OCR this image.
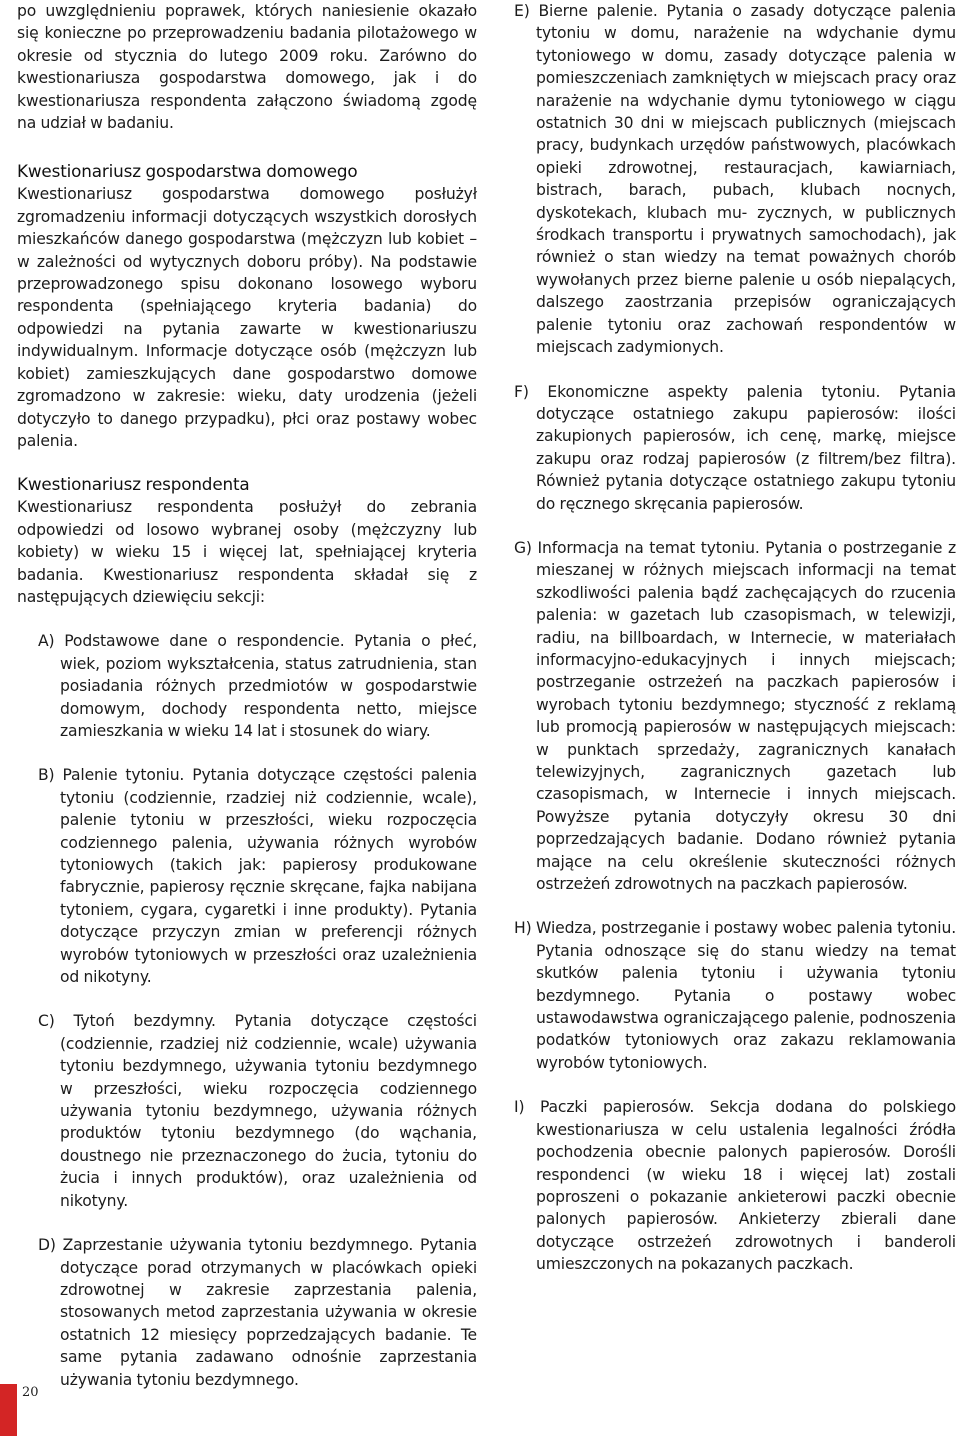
po uwzględnieniu poprawek, których naniesienie okazało się konieczne po przeprowadzeniu badania pilotażowego w okresie od stycznia do lutego 2009 roku. Zarówno do kwestionariusza gospodarstwa domowego, jak i do kwestionariusza respondenta załączono świadomą zgodę na udział w badaniu.

Kwestionariusz gospodarstwa domowego

Kwestionariusz gospodarstwa domowego posłużył zgromadzeniu informacji dotyczących wszystkich dorosłych mieszkańców danego gospodarstwa (mężczyzn lub kobiet – w zależności od wytycznych doboru próby). Na podstawie przeprowadzonego spisu dokonano losowego wyboru respondenta (spełniającego kryteria badania) do odpowiedzi na pytania zawarte w kwestionariuszu indywidualnym. Informacje dotyczące osób (mężczyzn lub kobiet) zamieszkujących dane gospodarstwo domowe zgromadzono w zakresie: wieku, daty urodzenia (jeżeli dotyczyło to danego przypadku), płci oraz postawy wobec palenia.

Kwestionariusz respondenta

Kwestionariusz respondenta posłużył do zebrania odpowiedzi od losowo wybranej osoby (mężczyzny lub kobiety) w wieku 15 i więcej lat, spełniającej kryteria badania. Kwestionariusz respondenta składał się z następujących dziewięciu sekcji:

A) Podstawowe dane o respondencie. Pytania o płeć, wiek, poziom wykształcenia, status zatrudnienia, stan posiadania różnych przedmiotów w gospodarstwie domowym, dochody respondenta netto, miejsce zamieszkania w wieku 14 lat i stosunek do wiary.

B) Palenie tytoniu. Pytania dotyczące częstości palenia tytoniu (codziennie, rzadziej niż codziennie, wcale), palenie tytoniu w przeszłości, wieku rozpoczęcia codziennego palenia, używania różnych wyrobów tytoniowych (takich jak: papierosy produkowane fabrycznie, papierosy ręcznie skręcane, fajka nabijana tytoniem, cygara, cygaretki i inne produkty). Pytania dotyczące przyczyn zmian w preferencji różnych wyrobów tytoniowych w przeszłości oraz uzależnienia od nikotyny.

C) Tytoń bezdymny. Pytania dotyczące częstości (codziennie, rzadziej niż codziennie, wcale) używania tytoniu bezdymnego, używania tytoniu bezdymnego w przeszłości, wieku rozpoczęcia codziennego używania tytoniu bezdymnego, używania różnych produktów tytoniu bezdymnego (do wąchania, doustnego nie przeznaczonego do żucia, tytoniu do żucia i innych produktów), oraz uzależnienia od nikotyny.

D) Zaprzestanie używania tytoniu bezdymnego. Pytania dotyczące porad otrzymanych w placówkach opieki zdrowotnej w zakresie zaprzestania palenia, stosowanych metod zaprzestania używania w okresie ostatnich 12 miesięcy poprzedzających badanie. Te same pytania zadawano odnośnie zaprzestania używania tytoniu bezdymnego.

E) Bierne palenie. Pytania o zasady dotyczące palenia tytoniu w domu, narażenie na wdychanie dymu tytoniowego w domu, zasady dotyczące palenia w pomieszczeniach zamkniętych w miejscach pracy oraz narażenie na wdychanie dymu tytoniowego w ciągu ostatnich 30 dni w miejscach publicznych (miejscach pracy, budynkach urzędów państwowych, placówkach opieki zdrowotnej, restauracjach, kawiarniach, bistrach, barach, pubach, klubach nocnych, dyskotekach, klubach mu- zycznych, w publicznych środkach transportu i prywatnych samochodach), jak również o stan wiedzy na temat poważnych chorób wywołanych przez bierne palenie u osób niepalących, dalszego zaostrzania przepisów ograniczających palenie tytoniu oraz zachowań respondentów w miejscach zadymionych.

F) Ekonomiczne aspekty palenia tytoniu. Pytania dotyczące ostatniego zakupu papierosów: ilości zakupionych papierosów, ich cenę, markę, miejsce zakupu oraz rodzaj papierosów (z filtrem/bez filtra). Również pytania dotyczące ostatniego zakupu tytoniu do ręcznego skręcania papierosów.

G) Informacja na temat tytoniu. Pytania o postrzeganie z mieszanej w różnych miejscach informacji na temat szkodliwości palenia bądź zachęcających do rzucenia palenia: w gazetach lub czasopismach, w telewizji, radiu, na billboardach, w Internecie, w materiałach informacyjno-edukacyjnych i innych miejscach; postrzeganie ostrzeżeń na paczkach papierosów i wyrobach tytoniu bezdymnego; styczność z reklamą lub promocją papierosów w następujących miejscach: w punktach sprzedaży, zagranicznych kanałach telewizyjnych, zagranicznych gazetach lub czasopismach, w Internecie i innych miejscach. Powyższe pytania dotyczyły okresu 30 dni poprzedzających badanie. Dodano również pytania mające na celu określenie skuteczności różnych ostrzeżeń zdrowotnych na paczkach papierosów.

H) Wiedza, postrzeganie i postawy wobec palenia tytoniu. Pytania odnoszące się do stanu wiedzy na temat skutków palenia tytoniu i używania tytoniu bezdymnego. Pytania o postawy wobec ustawodawstwa ograniczającego palenie, podnoszenia podatków tytoniowych oraz zakazu reklamowania wyrobów tytoniowych.

I) Paczki papierosów. Sekcja dodana do polskiego kwestionariusza w celu ustalenia legalności źródła pochodzenia obecnie palonych papierosów. Dorośli respondenci (w wieku 18 i więcej lat) zostali poproszeni o pokazanie ankieterowi paczki obecnie palonych papierosów. Ankieterzy zbierali dane dotyczące ostrzeżeń zdrowotnych i banderoli umieszczonych na pokazanych paczkach.

20
